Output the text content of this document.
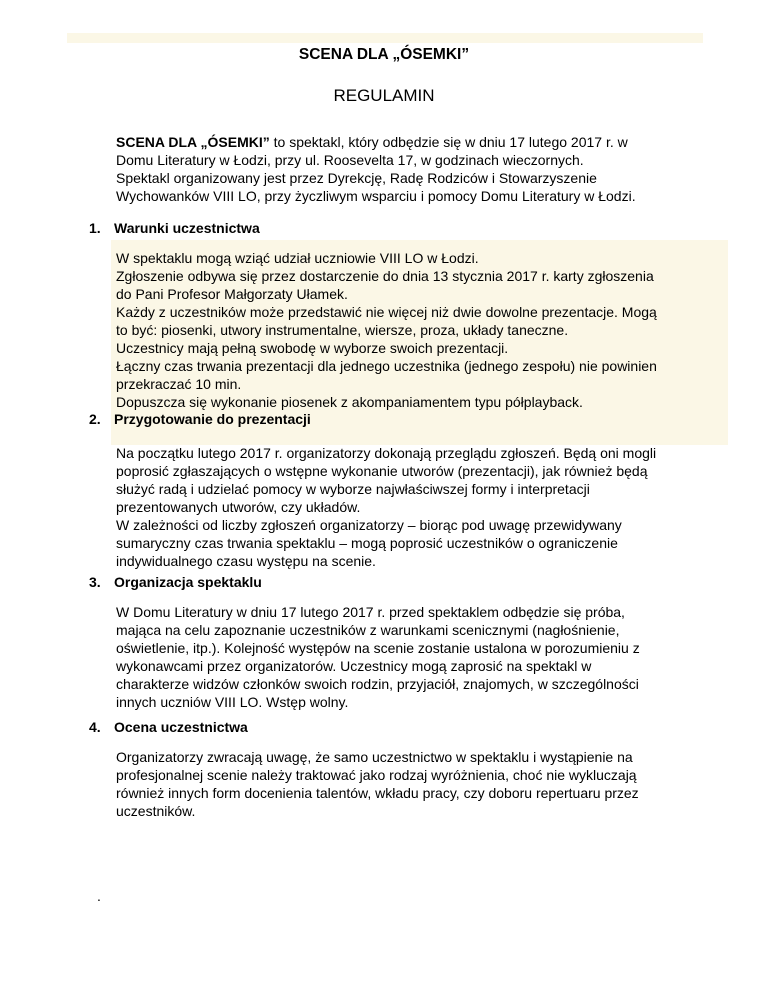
SCENA DLA „ÓSEMKI”
REGULAMIN

SCENA DLA „ÓSEMKI” to spektakl, który odbędzie się w dniu 17 lutego 2017 r. w

Domu Literatury w Łodzi, przy ul. Roosevelta 17, w godzinach wieczornych.

Spektakl organizowany jest przez Dyrekcję, Radę Rodziców i Stowarzyszenie

Wychowanków VIII LO, przy życzliwym wsparciu i pomocy Domu Literatury w Łodzi.

1. Warunki uczestnictwa

W spektaklu mogą wziąć udział uczniowie VIII LO w Łodzi.

Zgłoszenie odbywa się przez dostarczenie do dnia 13 stycznia 2017 r. karty zgłoszenia

do Pani Profesor Małgorzaty Ułamek.

Każdy z uczestników może przedstawić nie więcej niż dwie dowolne prezentacje. Mogą

to być: piosenki, utwory instrumentalne, wiersze, proza, układy taneczne.

Uczestnicy mają pełną swobodę w wyborze swoich prezentacji.

Łączny czas trwania prezentacji dla jednego uczestnika (jednego zespołu) nie powinien

przekraczać 10 min.

Dopuszcza się wykonanie piosenek z akompaniamentem typu półplayback.

2. Przygotowanie do prezentacji

Na początku lutego 2017 r. organizatorzy dokonają przeglądu zgłoszeń. Będą oni mogli

poprosić zgłaszających o wstępne wykonanie utworów (prezentacji), jak również będą

służyć radą i udzielać pomocy w wyborze najwłaściwszej formy i interpretacji

prezentowanych utworów, czy układów.

W zależności od liczby zgłoszeń organizatorzy – biorąc pod uwagę przewidywany

sumaryczny czas trwania spektaklu – mogą poprosić uczestników o ograniczenie

indywidualnego czasu występu na scenie.

3. Organizacja spektaklu

W Domu Literatury w dniu 17 lutego 2017 r. przed spektaklem odbędzie się próba,

mająca na celu zapoznanie uczestników z warunkami scenicznymi (nagłośnienie,

oświetlenie, itp.). Kolejność występów na scenie zostanie ustalona w porozumieniu z

wykonawcami przez organizatorów. Uczestnicy mogą zaprosić na spektakl w

charakterze widzów członków swoich rodzin, przyjaciół, znajomych, w szczególności

innych uczniów VIII LO. Wstęp wolny.

4. Ocena uczestnictwa

Organizatorzy zwracają uwagę, że samo uczestnictwo w spektaklu i wystąpienie na

profesjonalnej scenie należy traktować jako rodzaj wyróżnienia, choć nie wykluczają

również innych form docenienia talentów, wkładu pracy, czy doboru repertuaru przez

uczestników.

.
